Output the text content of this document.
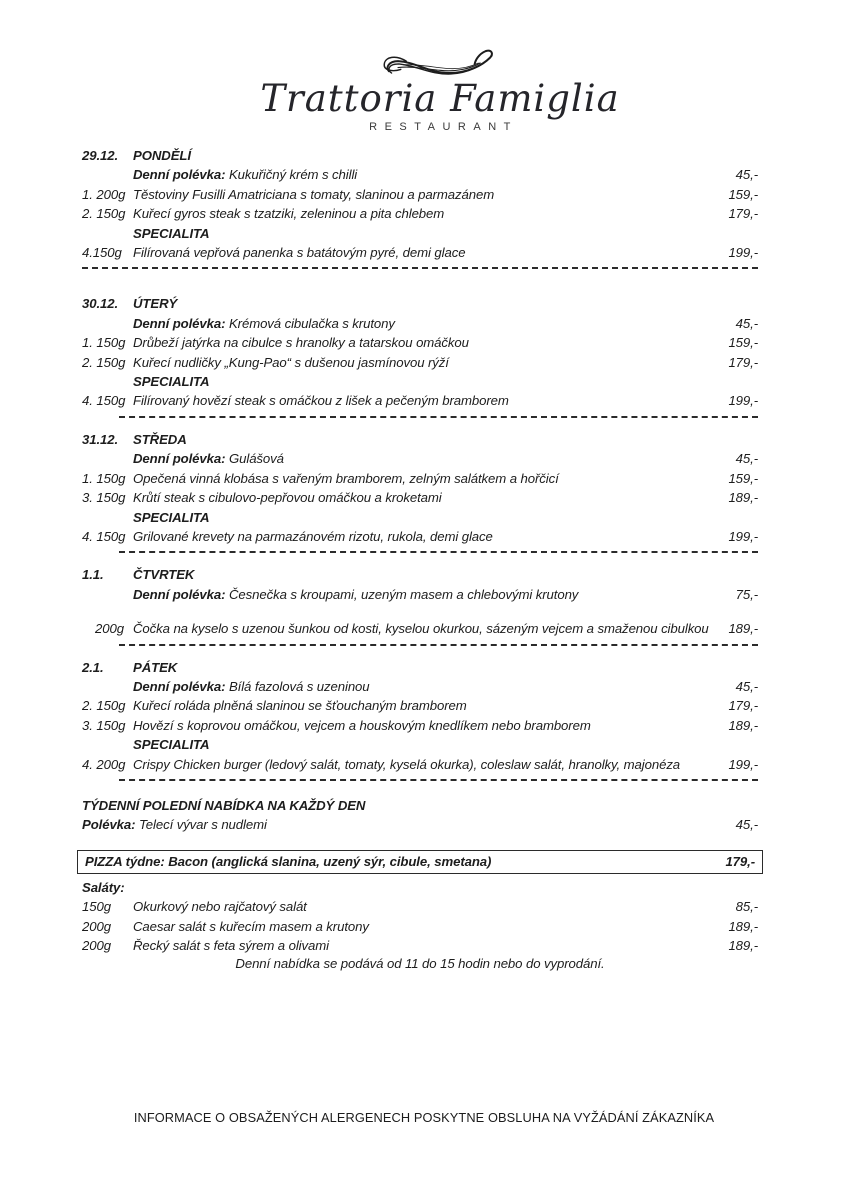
Trattoria Famiglia
RESTAURANT
29.12.	PONDĚLÍ
Denní polévka: Kukuřičný krém s chilli	45,-
1. 200g Těstoviny Fusilli Amatriciana s tomaty, slaninou a parmazánem	159,-
2. 150g Kuřecí gyros steak s tzatziki, zeleninou a pita chlebem	179,-
SPECIALITA
4.150g Filírovaná vepřová panenka s batátovým pyré, demi glace	199,-
30.12.	ÚTERÝ
Denní polévka: Krémová cibulačka s krutony	45,-
1. 150g Drůbeží jatýrka na cibulce s hranolky a tatarskou omáčkou	159,-
2. 150g Kuřecí nudličky „Kung-Pao“ s dušenou jasmínovou rýží	179,-
SPECIALITA
4. 150g Filírovaný hovězí steak s omáčkou z lišek a pečeným bramborem	199,-
31.12.	STŘEDA
Denní polévka: Gulášová	45,-
1. 150g Opečená vinná klobása s vařeným bramborem, zelným salátkem a hořčicí	159,-
3. 150g Krůtí steak s cibulovo-pepřovou omáčkou a kroketami	189,-
SPECIALITA
4. 150g Grilované krevety na parmazánovém rizotu, rukola, demi glace	199,-
1.1.	ČTVRTEK
Denní polévka: Česnečka s kroupami, uzeným masem a chlebovými krutony	75,-
200g Čočka na kyselo s uzenou šunkou od kosti, kyselou okurkou, sázeným vejcem a smaženou cibulkou	189,-
2.1.	PÁTEK
Denní polévka: Bílá fazolová s uzeninou	45,-
2. 150g Kuřecí roláda plněná slaninou se šťouchaným bramborem	179,-
3. 150g Hovězí s koprovou omáčkou, vejcem a houskovým knedlíkem nebo bramborem	189,-
SPECIALITA
4. 200g Crispy Chicken burger (ledový salát, tomaty, kyselá okurka), coleslaw salát, hranolky, majonéza	199,-
TÝDENNÍ POLEDNÍ NABÍDKA NA KAŽDÝ DEN
Polévka: Telecí vývar s nudlemi	45,-
PIZZA týdne: Bacon (anglická slanina, uzený sýr, cibule, smetana)	179,-
Saláty:
150g	Okurkový nebo rajčatový salát	85,-
200g	Caesar salát s kuřecím masem a krutony	189,-
200g	Řecký salát s feta sýrem a olivami	189,-
Denní nabídka se podává od 11 do 15 hodin nebo do vyprodání.
INFORMACE O OBSAŽENÝCH ALERGENECH POSKYTNE OBSLUHA NA VYŽÁDÁNÍ ZÁKAZNÍKA
